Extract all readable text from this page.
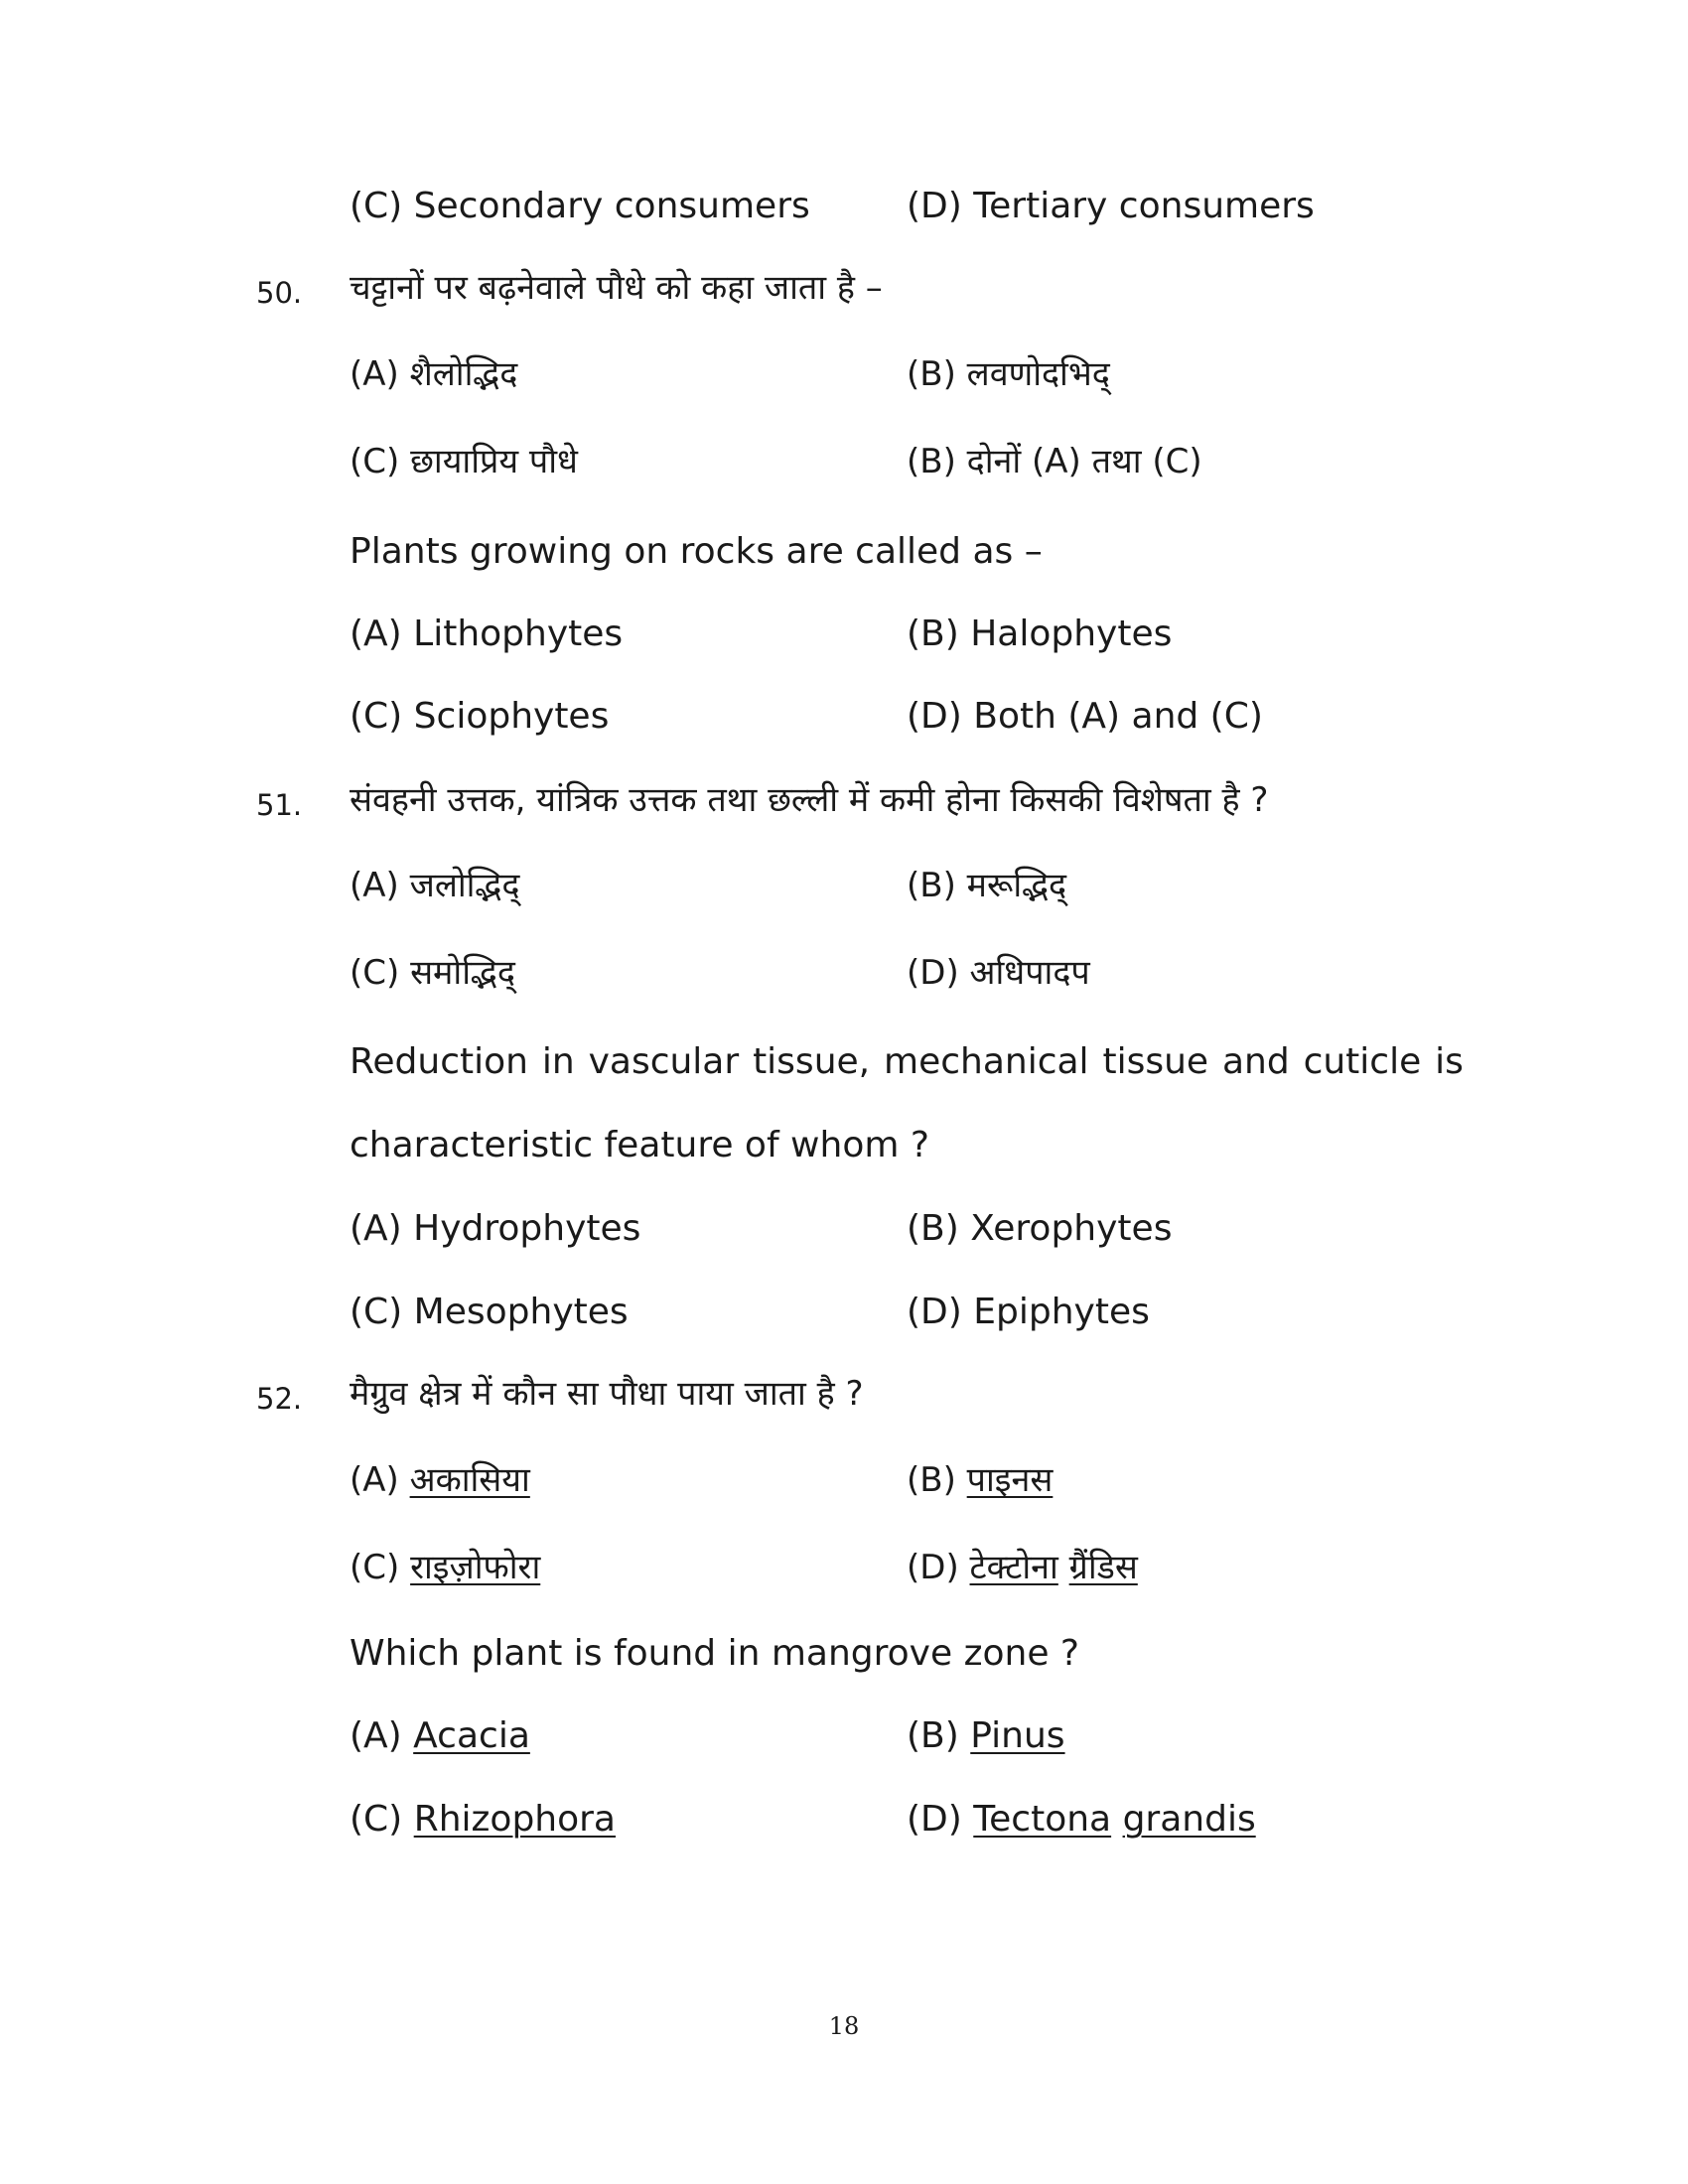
(C) Secondary consumers	(D) Tertiary consumers
50. चट्टानों पर बढ़नेवाले पौधे को कहा जाता है –
(A) शैलोद्भिद	(B) लवणोदभिद्
(C) छायाप्रिय पौधे	(B) दोनों (A) तथा (C)
Plants growing on rocks are called as –
(A) Lithophytes	(B) Halophytes
(C) Sciophytes	(D) Both (A) and (C)
51. संवहनी उत्तक, यांत्रिक उत्तक तथा छल्ली में कमी होना किसकी विशेषता है ?
(A) जलोद्भिद्	(B) मरूद्भिद्
(C) समोद्भिद्	(D) अधिपादप
Reduction in vascular tissue, mechanical tissue and cuticle is
characteristic feature of whom ?
(A) Hydrophytes	(B) Xerophytes
(C) Mesophytes	(D) Epiphytes
52. मैग्रुव क्षेत्र में कौन सा पौधा पाया जाता है ?
(A) अकासिया	(B) पाइनस
(C) राइज़ोफोरा	(D) टेक्टोना ग्रैंडिस
Which plant is found in mangrove zone ?
(A) Acacia	(B) Pinus
(C) Rhizophora	(D) Tectona grandis
18
